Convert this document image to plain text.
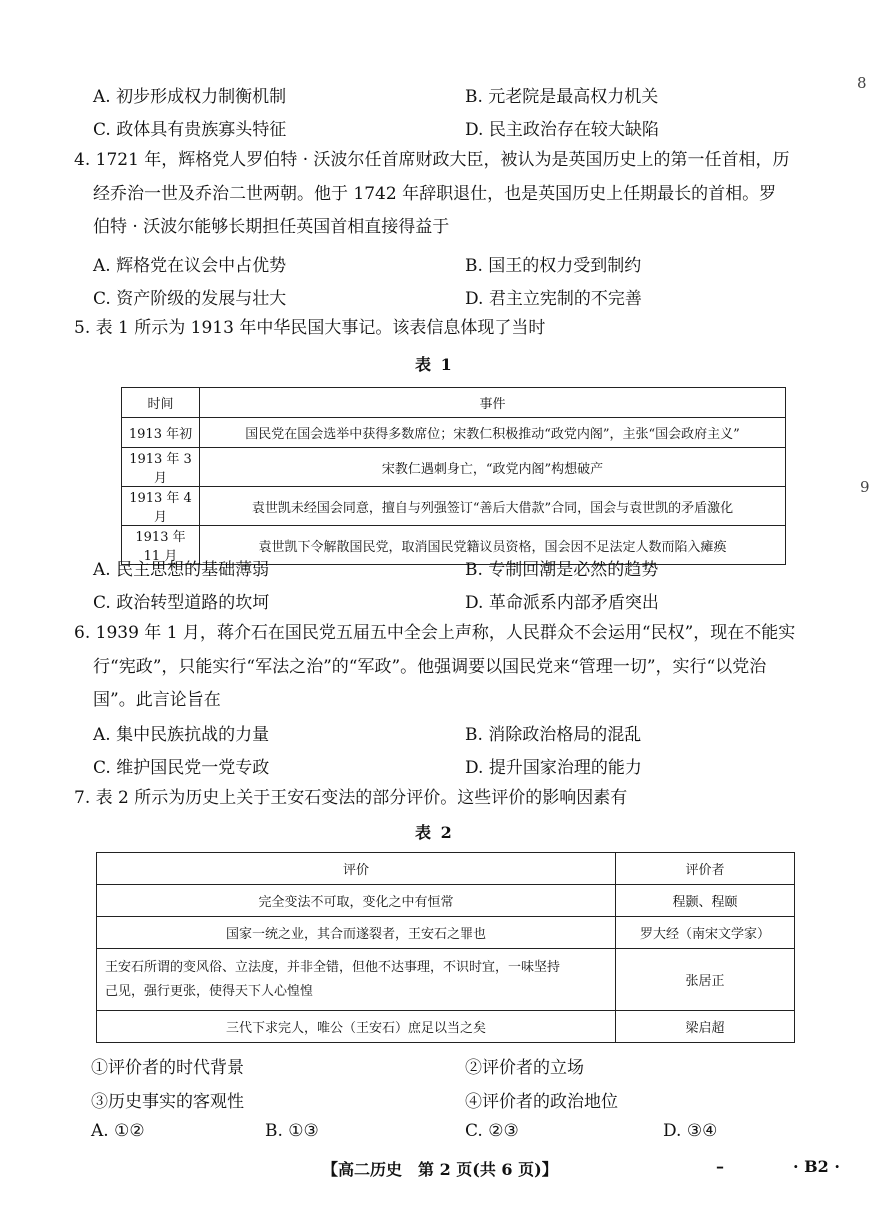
8
9
A. 初步形成权力制衡机制	B. 元老院是最高权力机关
C. 政体具有贵族寡头特征	D. 民主政治存在较大缺陷
4. 1721 年，辉格党人罗伯特 · 沃波尔任首席财政大臣，被认为是英国历史上的第一任首相，历
经乔治一世及乔治二世两朝。他于 1742 年辞职退仕，也是英国历史上任期最长的首相。罗
伯特 · 沃波尔能够长期担任英国首相直接得益于
A. 辉格党在议会中占优势	B. 国王的权力受到制约
C. 资产阶级的发展与壮大	D. 君主立宪制的不完善
5. 表 1 所示为 1913 年中华民国大事记。该表信息体现了当时
表 1
时间	事件
1913 年初	国民党在国会选举中获得多数席位；宋教仁积极推动“政党内阁”，主张“国会政府主义”
1913 年 3 月	宋教仁遇刺身亡，“政党内阁”构想破产
1913 年 4 月	袁世凯未经国会同意，擅自与列强签订“善后大借款”合同，国会与袁世凯的矛盾激化
1913 年 11 月	袁世凯下令解散国民党，取消国民党籍议员资格，国会因不足法定人数而陷入瘫痪
A. 民主思想的基础薄弱	B. 专制回潮是必然的趋势
C. 政治转型道路的坎坷	D. 革命派系内部矛盾突出
6. 1939 年 1 月，蒋介石在国民党五届五中全会上声称，人民群众不会运用“民权”，现在不能实
行“宪政”，只能实行“军法之治”的“军政”。他强调要以国民党来“管理一切”，实行“以党治
国”。此言论旨在
A. 集中民族抗战的力量	B. 消除政治格局的混乱
C. 维护国民党一党专政	D. 提升国家治理的能力
7. 表 2 所示为历史上关于王安石变法的部分评价。这些评价的影响因素有
表 2
评价	评价者
完全变法不可取，变化之中有恒常	程颢、程颐
国家一统之业，其合而遂裂者，王安石之罪也	罗大经（南宋文学家）
王安石所谓的变风俗、立法度，并非全错，但他不达事理，不识时宜，一味坚持
己见，强行更张，使得天下人心惶惶	张居正
三代下求完人，唯公（王安石）庶足以当之矣	梁启超
①评价者的时代背景	②评价者的立场
③历史事实的客观性	④评价者的政治地位
A. ①②	B. ①③	C. ②③	D. ③④
【高二历史　第 2 页(共 6 页)】	–	· B2 ·
